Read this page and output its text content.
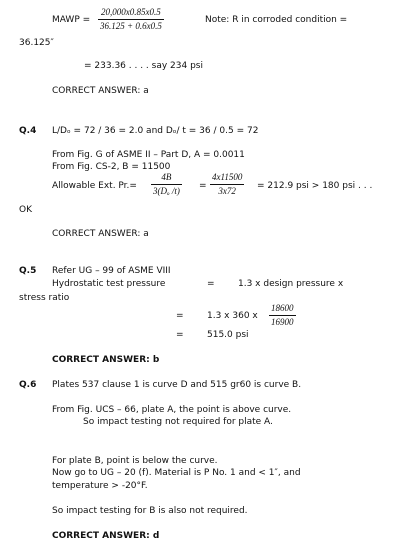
MAWP = $\frac{20,000x0.85x0.5}{36.125 + 0.6x0.5}$	Note: R in corroded condition =
36.125″
= 233.36 . . . . say 234 psi
CORRECT ANSWER: a
Q.4 L/Dₒ = 72 / 36 = 2.0 and Dₒ/ t = 36 / 0.5 = 72
From Fig. G of ASME II – Part D, A = 0.0011
From Fig. CS-2, B = 11500
Allowable Ext. $Pr.= \frac{4B}{\text{3(Dₒ /t)}} = \frac{4x11500}{3x72} = 212.9$ psi > 180 psi . . .
OK
CORRECT ANSWER: a
Q.5 Refer UG – 99 of ASME VIII
Hydrostatic test pressure	=	1.3 x design pressure x
stress ratio
=	1.3 x 360 x $\frac{18600}{16900}$
=	515.0 psi
CORRECT ANSWER: b
Q.6 Plates 537 clause 1 is curve D and 515 gr60 is curve B.
From Fig. UCS – 66, plate A, the point is above curve.
So impact testing not required for plate A.
For plate B, point is below the curve.
Now go to UG – 20 (f). Material is P No. 1 and < 1″, and
temperature > -20°F.
So impact testing for B is also not required.
CORRECT ANSWER: d
